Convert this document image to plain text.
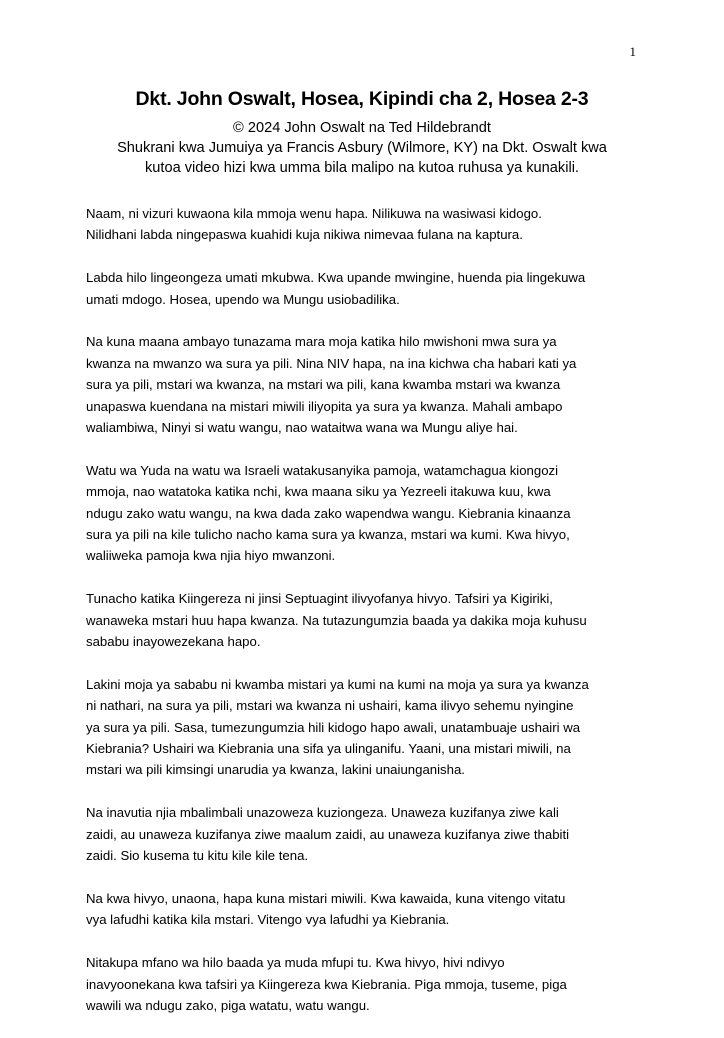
1
Dkt. John Oswalt, Hosea, Kipindi cha 2, Hosea 2-3
© 2024 John Oswalt na Ted Hildebrandt
Shukrani kwa Jumuiya ya Francis Asbury (Wilmore, KY) na Dkt. Oswalt kwa
kutoa video hizi kwa umma bila malipo na kutoa ruhusa ya kunakili.

Naam, ni vizuri kuwaona kila mmoja wenu hapa. Nilikuwa na wasiwasi kidogo.
Nilidhani labda ningepaswa kuahidi kuja nikiwa nimevaa fulana na kaptura.

Labda hilo lingeongeza umati mkubwa. Kwa upande mwingine, huenda pia lingekuwa
umati mdogo. Hosea, upendo wa Mungu usiobadilika.

Na kuna maana ambayo tunazama mara moja katika hilo mwishoni mwa sura ya
kwanza na mwanzo wa sura ya pili. Nina NIV hapa, na ina kichwa cha habari kati ya
sura ya pili, mstari wa kwanza, na mstari wa pili, kana kwamba mstari wa kwanza
unapaswa kuendana na mistari miwili iliyopita ya sura ya kwanza. Mahali ambapo
waliambiwa, Ninyi si watu wangu, nao wataitwa wana wa Mungu aliye hai.

Watu wa Yuda na watu wa Israeli watakusanyika pamoja, watamchagua kiongozi
mmoja, nao watatoka katika nchi, kwa maana siku ya Yezreeli itakuwa kuu, kwa
ndugu zako watu wangu, na kwa dada zako wapendwa wangu. Kiebrania kinaanza
sura ya pili na kile tulicho nacho kama sura ya kwanza, mstari wa kumi. Kwa hivyo,
waliiweka pamoja kwa njia hiyo mwanzoni.

Tunacho katika Kiingereza ni jinsi Septuagint ilivyofanya hivyo. Tafsiri ya Kigiriki,
wanaweka mstari huu hapa kwanza. Na tutazungumzia baada ya dakika moja kuhusu
sababu inayowezekana hapo.

Lakini moja ya sababu ni kwamba mistari ya kumi na kumi na moja ya sura ya kwanza
ni nathari, na sura ya pili, mstari wa kwanza ni ushairi, kama ilivyo sehemu nyingine
ya sura ya pili. Sasa, tumezungumzia hili kidogo hapo awali, unatambuaje ushairi wa
Kiebrania? Ushairi wa Kiebrania una sifa ya ulinganifu. Yaani, una mistari miwili, na
mstari wa pili kimsingi unarudia ya kwanza, lakini unaiunganisha.

Na inavutia njia mbalimbali unazoweza kuziongeza. Unaweza kuzifanya ziwe kali
zaidi, au unaweza kuzifanya ziwe maalum zaidi, au unaweza kuzifanya ziwe thabiti
zaidi. Sio kusema tu kitu kile kile tena.

Na kwa hivyo, unaona, hapa kuna mistari miwili. Kwa kawaida, kuna vitengo vitatu
vya lafudhi katika kila mstari. Vitengo vya lafudhi ya Kiebrania.

Nitakupa mfano wa hilo baada ya muda mfupi tu. Kwa hivyo, hivi ndivyo
inavyoonekana kwa tafsiri ya Kiingereza kwa Kiebrania. Piga mmoja, tuseme, piga
wawili wa ndugu zako, piga watatu, watu wangu.
